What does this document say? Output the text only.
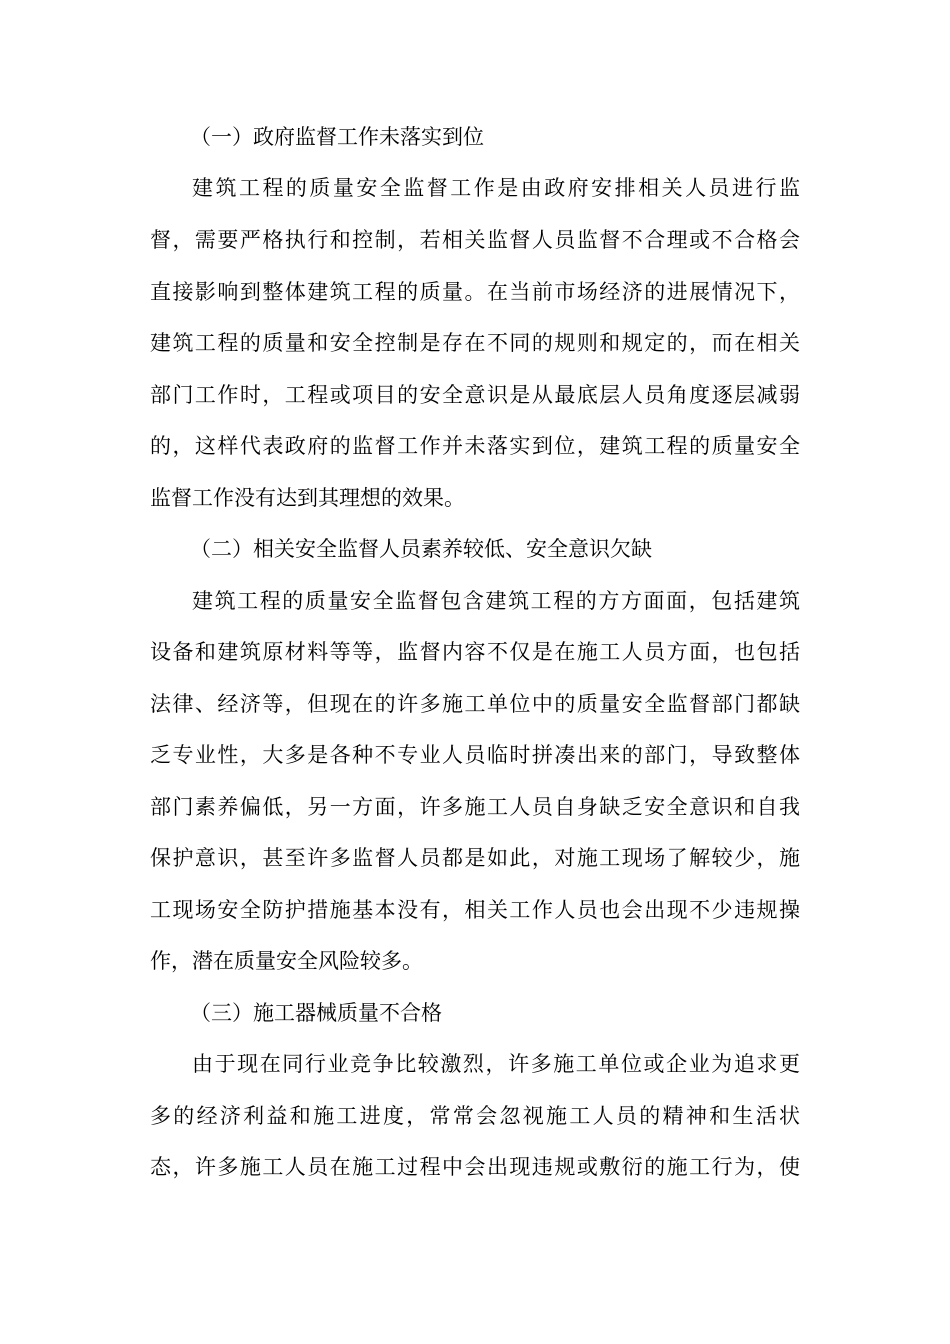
（一）政府监督工作未落实到位
建筑工程的质量安全监督工作是由政府安排相关人员进行监
督，需要严格执行和控制，若相关监督人员监督不合理或不合格会
直接影响到整体建筑工程的质量。在当前市场经济的进展情况下，
建筑工程的质量和安全控制是存在不同的规则和规定的，而在相关
部门工作时，工程或项目的安全意识是从最底层人员角度逐层减弱
的，这样代表政府的监督工作并未落实到位，建筑工程的质量安全
监督工作没有达到其理想的效果。
（二）相关安全监督人员素养较低、安全意识欠缺
建筑工程的质量安全监督包含建筑工程的方方面面，包括建筑
设备和建筑原材料等等，监督内容不仅是在施工人员方面，也包括
法律、经济等，但现在的许多施工单位中的质量安全监督部门都缺
乏专业性，大多是各种不专业人员临时拼凑出来的部门，导致整体
部门素养偏低，另一方面，许多施工人员自身缺乏安全意识和自我
保护意识，甚至许多监督人员都是如此，对施工现场了解较少，施
工现场安全防护措施基本没有，相关工作人员也会出现不少违规操
作，潜在质量安全风险较多。
（三）施工器械质量不合格
由于现在同行业竞争比较激烈，许多施工单位或企业为追求更
多的经济利益和施工进度，常常会忽视施工人员的精神和生活状
态，许多施工人员在施工过程中会出现违规或敷衍的施工行为，使
